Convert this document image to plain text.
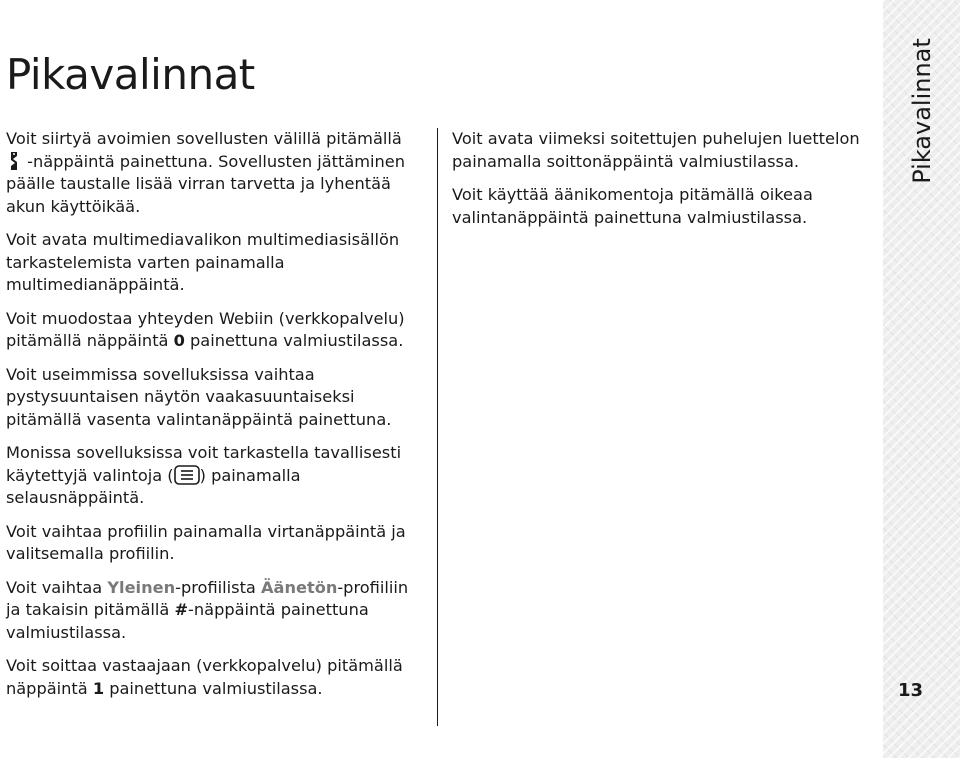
Pikavalinnat

Voit siirtyä avoimien sovellusten välillä pitämällä
-näppäintä painettuna. Sovellusten jättäminen päälle taustalle lisää virran tarvetta ja lyhentää akun käyttöikää.

Voit avata multimediavalikon multimediasisällön tarkastelemista varten painamalla multimedianäppäintä.

Voit muodostaa yhteyden Webiin (verkkopalvelu) pitämällä näppäintä 0 painettuna valmiustilassa.

Voit useimmissa sovelluksissa vaihtaa pystysuuntaisen näytön vaakasuuntaiseksi pitämällä vasenta valintanäppäintä painettuna.

Monissa sovelluksissa voit tarkastella tavallisesti käytettyjä valintoja ( ) painamalla selausnäppäintä.

Voit vaihtaa profiilin painamalla virtanäppäintä ja valitsemalla profiilin.

Voit vaihtaa Yleinen-profiilista Äänetön-profiiliin ja takaisin pitämällä #-näppäintä painettuna valmiustilassa.

Voit soittaa vastaajaan (verkkopalvelu) pitämällä näppäintä 1 painettuna valmiustilassa.

Voit avata viimeksi soitettujen puhelujen luettelon painamalla soittonäppäintä valmiustilassa.

Voit käyttää äänikomentoja pitämällä oikeaa valintanäppäintä painettuna valmiustilassa.

Pikavalinnat
13
